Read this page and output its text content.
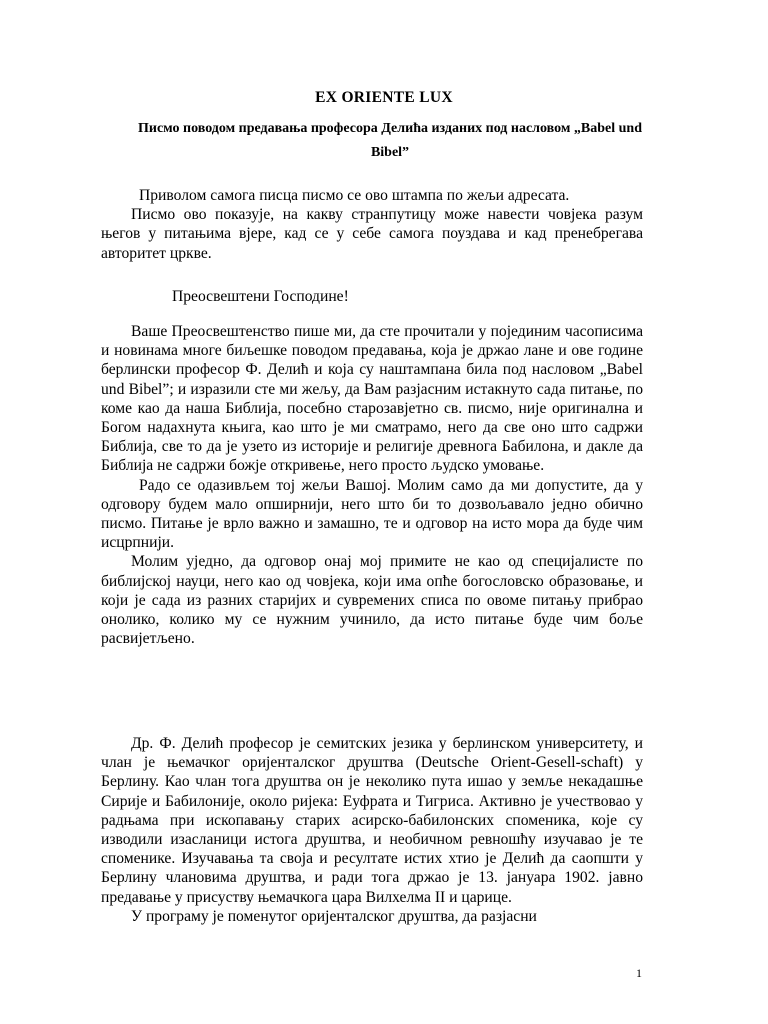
EX ORIENTE LUX
Писмо поводом предавања професора Делића изданих под насловом „Babel und Bibel”

Приволом самога писца писмо се ово штампа по жељи адресата.

Писмо ово показује, на какву странпутицу може навести човјека разум његов у питањима вјере, кад се у себе самога поуздава и кад пренебрегава авторитет цркве.

Преосвештени Господине!

Ваше Преосвештенство пише ми, да сте прочитали у појединим часописима и новинама многе биљешке поводом предавања, која је држао лане и ове године берлински професор Ф. Делић и која су наштампана била под насловом „Babel und Bibel”; и изразили сте ми жељу, да Вам разјасним истакнуто сада питање, по коме као да наша Библија, посебно старозавјетно св. писмо, није оригинална и Богом надахнута књига, као што је ми сматрамо, него да све оно што садржи Библија, све то да је узето из историје и религије древнога Бабилона, и дакле да Библија не садржи божје откривење, него просто људско умовање.

Радо се одазивљем тој жељи Вашој. Молим само да ми допустите, да у одговору будем мало опширнији, него што би то дозвољавало једно обично писмо. Питање је врло важно и замашно, те и одговор на исто мора да буде чим исцрпнији.

Молим уједно, да одговор онај мој примите не као од специјалисте по библијској науци, него као од човјека, који има опће богословско образовање, и који је сада из разних старијих и сувремених списа по овоме питању прибрао онолико, колико му се нужним учинило, да исто питање буде чим боље расвијетљено.

Др. Ф. Делић професор је семитских језика у берлинском университету, и члан је њемачког оријенталског друштва (Deutsche Orient-Gesell-schaft) у Берлину. Као члан тога друштва он је неколико пута ишао у земље некадашње Сирије и Бабилоније, около ријека: Еуфрата и Тигриса. Активно је учествовао у радњама при ископавању старих асирско-бабилонских споменика, које су изводили изасланици истога друштва, и необичном ревношћу изучавао је те споменике. Изучавања та своја и ресултате истих хтио је Делић да саопшти у Берлину члановима друштва, и ради тога држао је 13. јануара 1902. јавно предавање у присуству њемачкога цара Вилхелма II и царице.

У програму је поменутог оријенталског друштва, да разјасни

1
